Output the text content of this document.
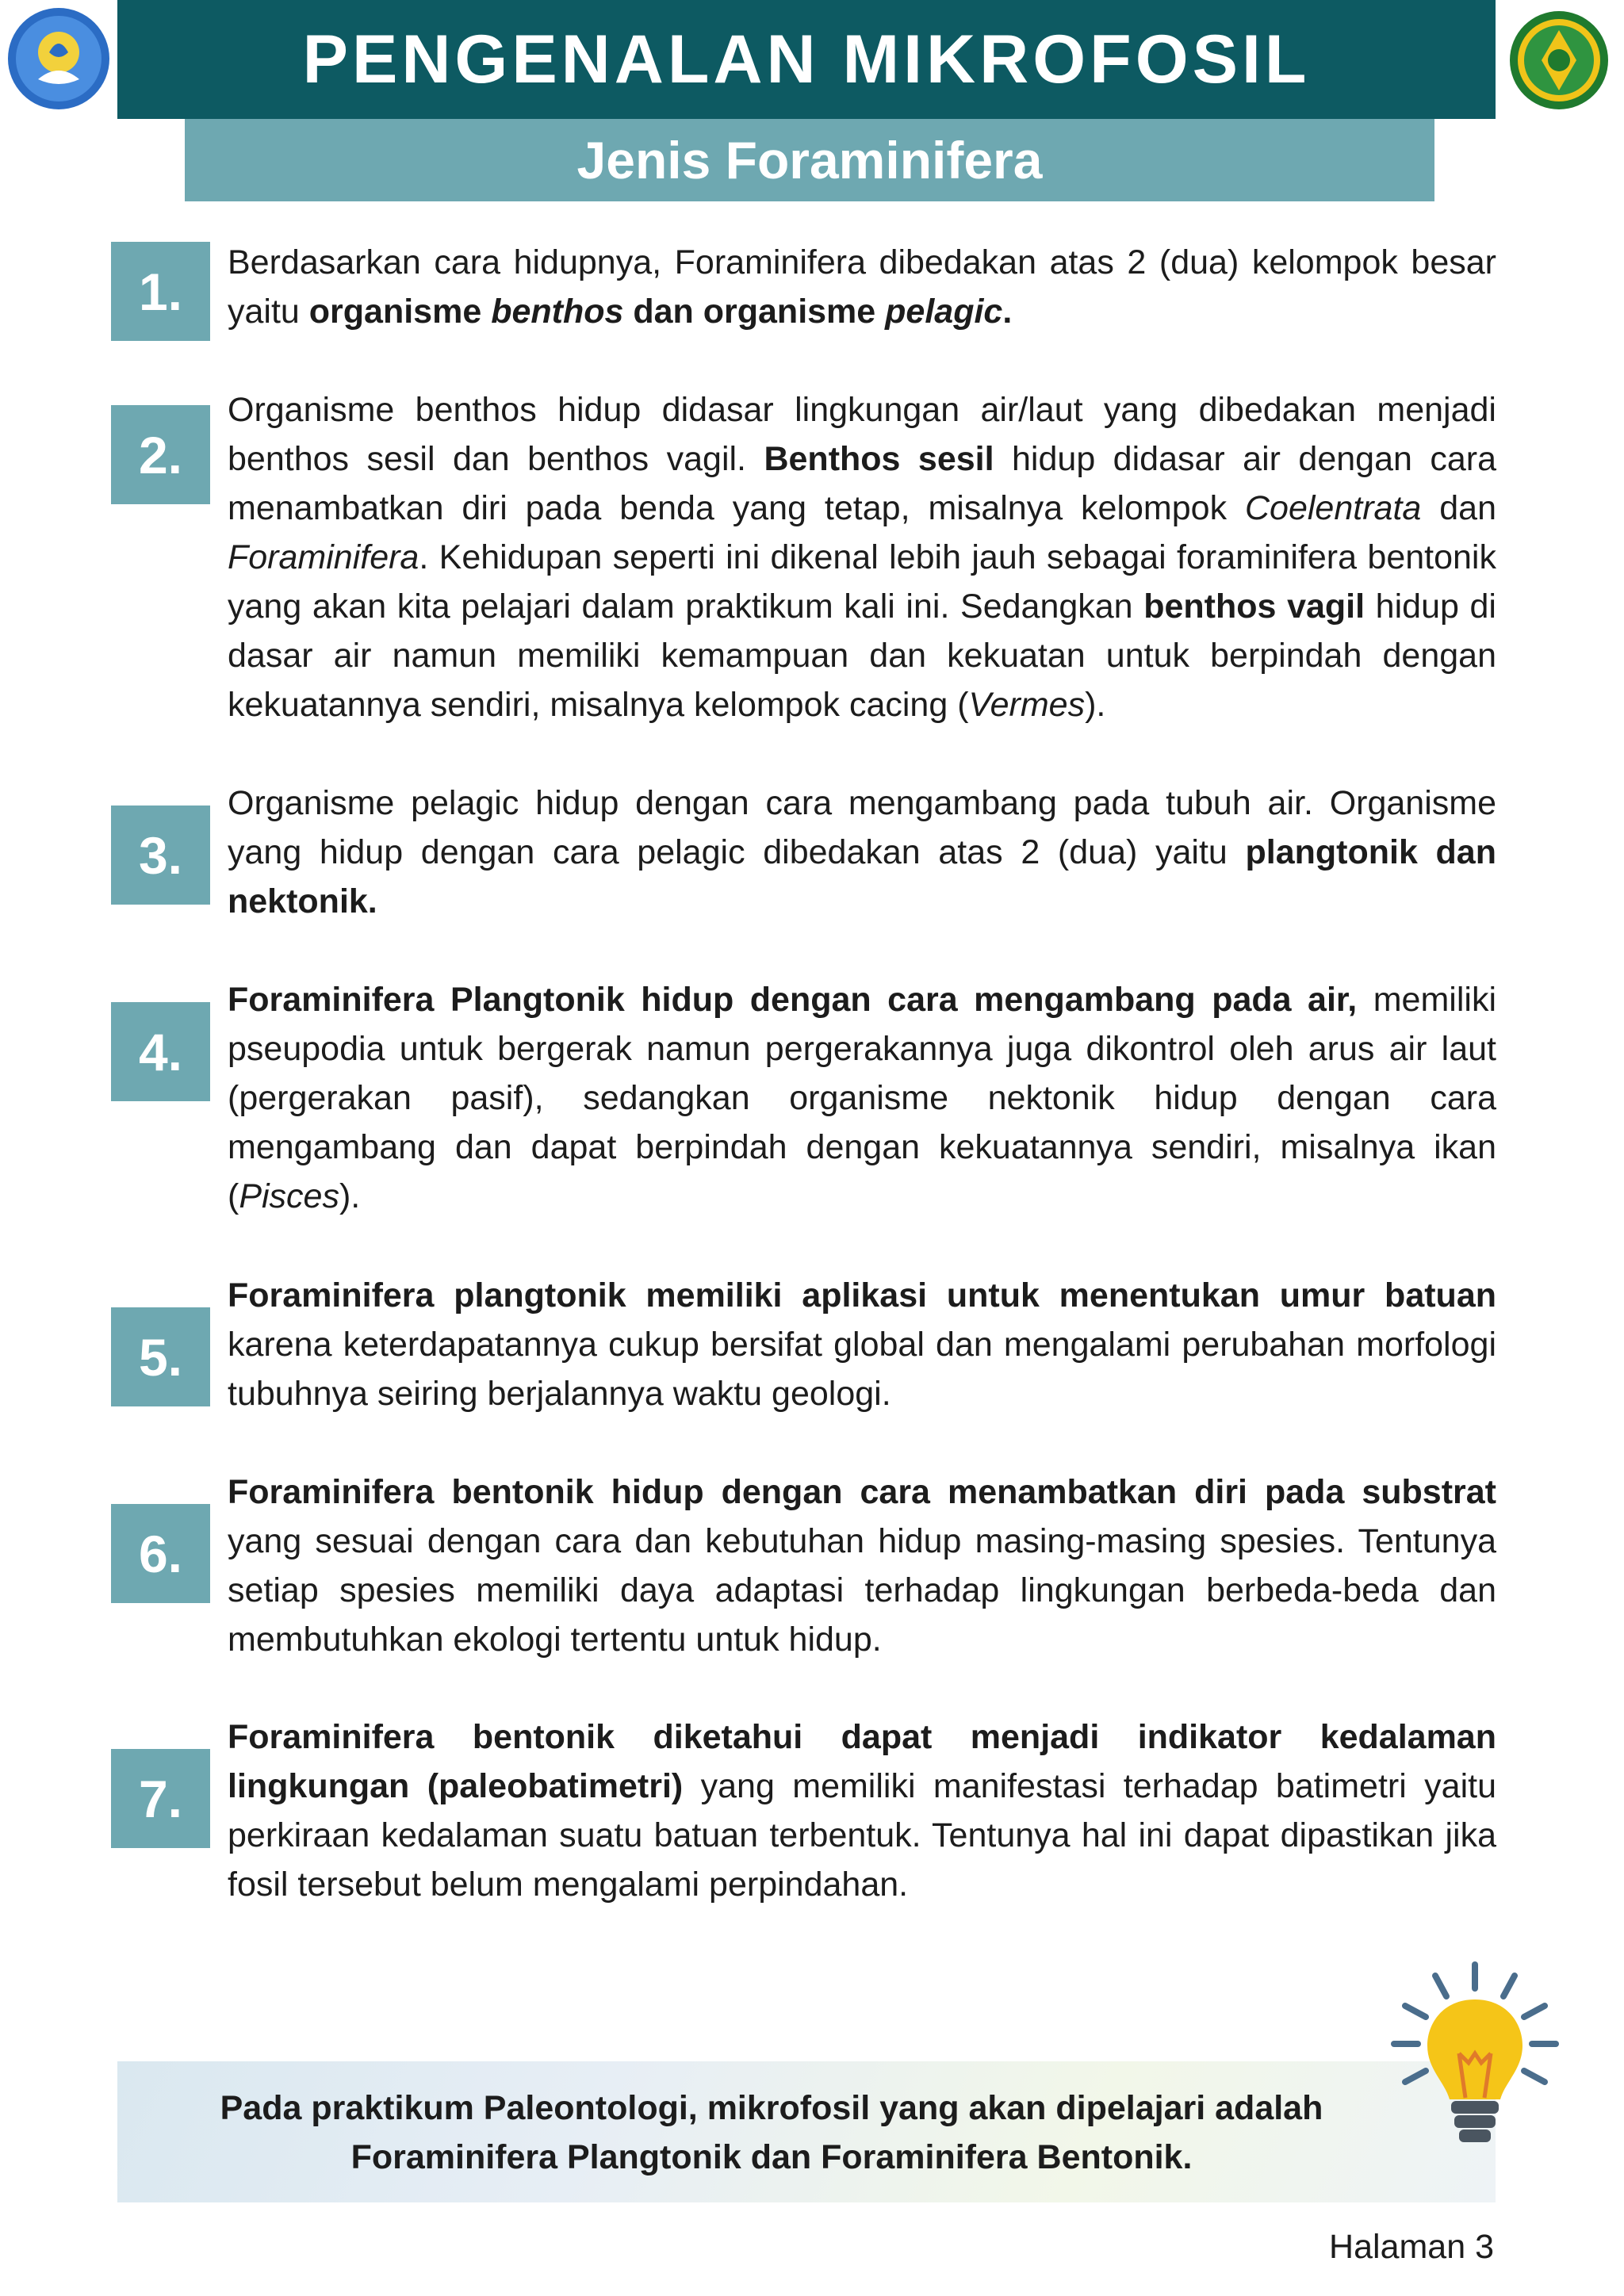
PENGENALAN MIKROFOSIL
Jenis Foraminifera
1.	Berdasarkan cara hidupnya, Foraminifera dibedakan atas 2 (dua) kelompok besar yaitu organisme benthos dan organisme pelagic.

2.

Organisme benthos hidup didasar lingkungan air/laut yang dibedakan menjadi benthos sesil dan benthos vagil. Benthos sesil hidup didasar air dengan cara menambatkan diri pada benda yang tetap, misalnya kelompok Coelentrata dan Foraminifera. Kehidupan seperti ini dikenal lebih jauh sebagai foraminifera bentonik yang akan kita pelajari dalam praktikum kali ini. Sedangkan benthos vagil hidup di dasar air namun memiliki kemampuan dan kekuatan untuk berpindah dengan kekuatannya sendiri, misalnya kelompok cacing (Vermes).

3.

Organisme pelagic hidup dengan cara mengambang pada tubuh air. Organisme yang hidup dengan cara pelagic dibedakan atas 2 (dua) yaitu plangtonik dan nektonik.

4.

Foraminifera Plangtonik hidup dengan cara mengambang pada air, memiliki pseupodia untuk bergerak namun pergerakannya juga dikontrol oleh arus air laut (pergerakan pasif), sedangkan organisme nektonik hidup dengan cara mengambang dan dapat berpindah dengan kekuatannya sendiri, misalnya ikan (Pisces).

5.

Foraminifera plangtonik memiliki aplikasi untuk menentukan umur batuan karena keterdapatannya cukup bersifat global dan mengalami perubahan morfologi tubuhnya seiring berjalannya waktu geologi.

6.

Foraminifera bentonik hidup dengan cara menambatkan diri pada substrat yang sesuai dengan cara dan kebutuhan hidup masing-masing spesies. Tentunya setiap spesies memiliki daya adaptasi terhadap lingkungan berbeda-beda dan membutuhkan ekologi tertentu untuk hidup.

7.

Foraminifera bentonik diketahui dapat menjadi indikator kedalaman lingkungan (paleobatimetri) yang memiliki manifestasi terhadap batimetri yaitu perkiraan kedalaman suatu batuan terbentuk. Tentunya hal ini dapat dipastikan jika fosil tersebut belum mengalami perpindahan.

Pada praktikum Paleontologi, mikrofosil yang akan dipelajari adalah
Foraminifera Plangtonik dan Foraminifera Bentonik.
Halaman 3
